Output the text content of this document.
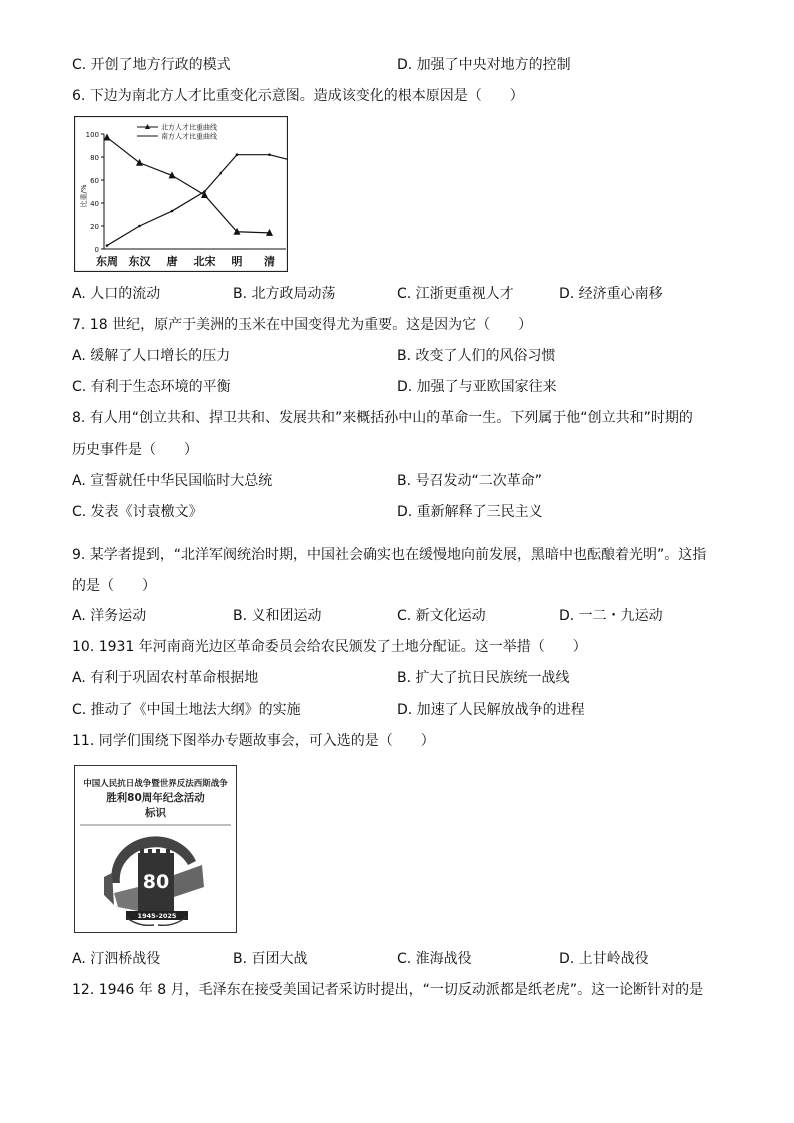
C. 开创了地方行政的模式	D. 加强了中央对地方的控制
6. 下边为南北方人才比重变化示意图。造成该变化的根本原因是（　　）
0
20
40
60
80
100
比重/%
北方人才比重曲线
南方人才比重曲线
东周 东汉 唐 北宋 明 清
A. 人口的流动	B. 北方政局动荡	C. 江浙更重视人才	D. 经济重心南移
7. 18 世纪，原产于美洲的玉米在中国变得尤为重要。这是因为它（　　）
A. 缓解了人口增长的压力	B. 改变了人们的风俗习惯
C. 有利于生态环境的平衡	D. 加强了与亚欧国家往来
8. 有人用“创立共和、捍卫共和、发展共和”来概括孙中山的革命一生。下列属于他“创立共和”时期的
历史事件是（　　）
A. 宣誓就任中华民国临时大总统	B. 号召发动“二次革命”
C. 发表《讨袁檄文》	D. 重新解释了三民主义
9. 某学者提到，“北洋军阀统治时期，中国社会确实也在缓慢地向前发展，黑暗中也酝酿着光明”。这指
的是（　　）
A. 洋务运动	B. 义和团运动	C. 新文化运动	D. 一二・九运动
10. 1931 年河南商光边区革命委员会给农民颁发了土地分配证。这一举措（　　）
A. 有利于巩固农村革命根据地	B. 扩大了抗日民族统一战线
C. 推动了《中国土地法大纲》的实施	D. 加速了人民解放战争的进程
11. 同学们围绕下图举办专题故事会，可入选的是（　　）
中国人民抗日战争暨世界反法西斯战争
胜利80周年纪念活动
标识
80
1945-2025
A. 汀泗桥战役	B. 百团大战	C. 淮海战役	D. 上甘岭战役
12. 1946 年 8 月，毛泽东在接受美国记者采访时提出，“一切反动派都是纸老虎”。这一论断针对的是
